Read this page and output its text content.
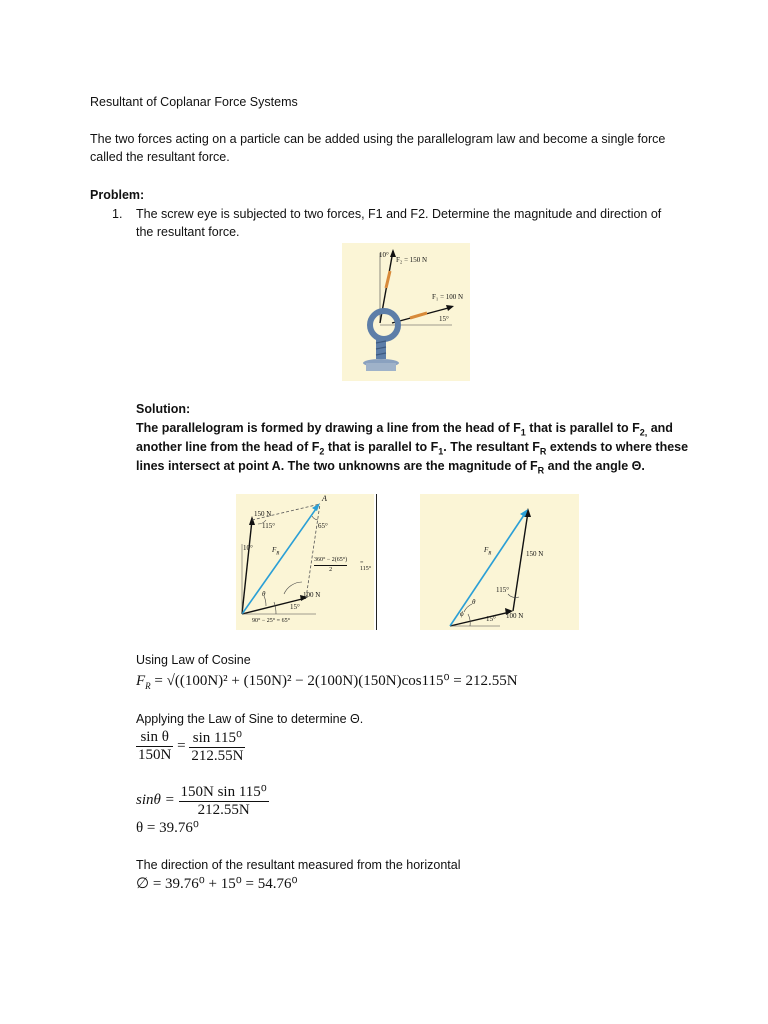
Resultant of Coplanar Force Systems
The two forces acting on a particle can be added using the parallelogram law and become a single force
called the resultant force.
Problem:
1. The screw eye is subjected to two forces, F1 and F2. Determine the magnitude and direction of
the resultant force.
10°
F₂ = 150 N
F₁ = 100 N
15°
Solution:
The parallelogram is formed by drawing a line from the head of $F_1$ that is parallel to $F_{2,}$ and
another line from the head of $F_2$ that is parallel to $F_1$. The resultant $F_R$ extends to where these
lines intersect at point A. The two unknowns are the magnitude of $F_R$ and the angle Θ.
A
150 N
115°	65°
10°	$F_R$
360° − 2(65°)
2
= 115°
θ	100 N
15°
90° − 25° = 65°
$F_R$	150 N
115°
θ
ϕ
15° 100 N
Using Law of Cosine
$F_R = √((100N)^2 + (150N)^2 - 2(100N)(150N)\cos 115^0 = 212.55N$
Applying the Law of Sine to determine Θ.
$\frac{\text{sin θ}}{150N} = \frac{\text{sin 115⁰}}{212.55N}$
$\sin\theta = \frac{\text{150N sin 115⁰}}{212.55N}$
θ = 39.76⁰
The direction of the resultant measured from the horizontal
∅ = 39.76⁰ + 15⁰ = 54.76⁰
